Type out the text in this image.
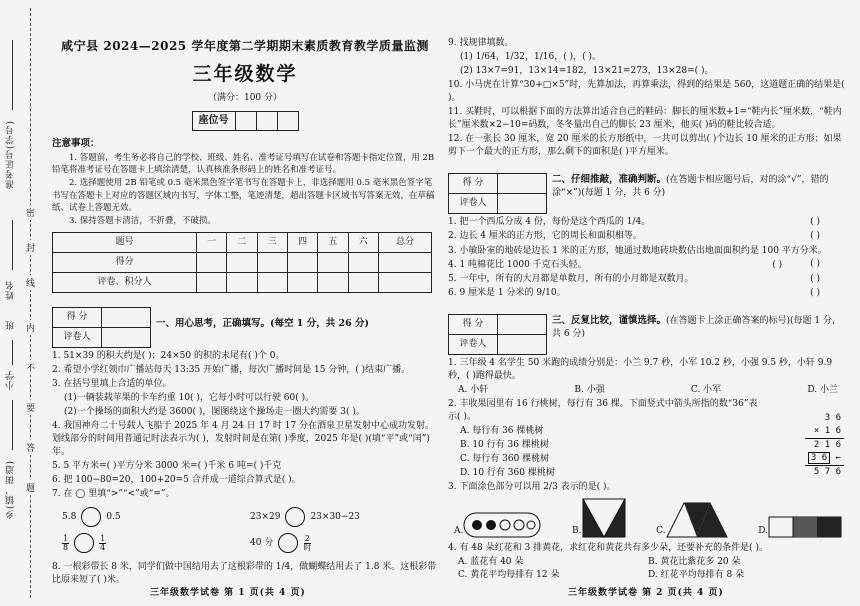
准考证号(学号)
姓名
班
小学
乡(镇、街道)
密
封
线
内
不
要
答
题
咸宁县 2024—2025 学年度第二学期期末素质教育教学质量监测
三年级数学
（满分：100 分）
座位号			
注意事项：
1. 答题前，考生务必将自己的学校、班级、姓名、准考证号填写在试卷和答题卡指定位置，用 2B 铅笔将准考证号在答题卡上填涂清楚，认真核准条形码上的姓名和准考证号。
2. 选择题使用 2B 铅笔或 0.5 毫米黑色签字笔书写在答题卡上，非选择题用 0.5 毫米黑色签字笔书写在答题卡上对应的答题区域内书写，字体工整，笔迹清楚，超出答题卡区域书写答案无效，在草稿纸、试卷上答题无效。
3. 保持答题卡清洁，不折叠，不破损。
题号	一	二	三	四	五	六	总分
得分							
评卷、积分人							
得 分	
评卷人	
一、用心思考，正确填写。(每空 1 分，共 26 分)
1. 51×39 的积大约是( )；24×50 的积的末尾有( )个 0。
2. 希望小学红领巾广播站每天 13:35 开始广播，每次广播时间是 15 分钟，( )结束广播。
3. 在括号里填上合适的单位。
(1)一辆装载苹果的卡车约重 10( )，它每小时可以行驶 60( )。
(2)一个操场的面积大约是 3600( )，图图绕这个操场走一圈大约需要 3( )。
4. 我国神舟二十号载人飞船于 2025 年 4 月 24 日 17 时 17 分在酒泉卫星发射中心成功发射。划线部分的时间用普通记时法表示为( )，发射时间是在第( )季度，2025 年是( )(填“平”或“闰”)年。
5. 5 平方米=( )平方分米 3000 米=( )千米 6 吨=( )千克
6. 把 100−80=20，100+20=5 合并成一道综合算式是( )。
7. 在 ◯ 里填“>”“<”或“=”。
5.8	0.5	23×29	23×30−23
$\frac{1}{8}$	$\frac{1}{4}$	40 分	$\frac{2}{\text{时}}$
8. 一根彩带长 8 米，同学们做中国结用去了这根彩带的 1/4，做蝴蝶结用去了 1.8 米。这根彩带比原来短了( )米。
三年级数学试卷 第 1 页(共 4 页)
9. 找规律填数。
(1) 1/64，1/32，1/16，( )，( )。
(2) 13×7=91，13×14=182，13×21=273，13×28=( )。
10. 小马虎在计算“30+□×5”时，先算加法，再算乘法，得到的结果是 560，这道题正确的结果是( )。
11. 买鞋时，可以根据下面的方法算出适合自己的鞋码：脚长的厘米数+1=“鞋内长”厘米数，“鞋内长”厘米数×2−10=码数，冬冬量出自己的脚长 23 厘米，他买( )码的鞋比较合适。
12. 在一张长 30 厘米，宽 20 厘米的长方形纸中，一共可以剪出( )个边长 10 厘米的正方形；如果剪下一个最大的正方形，那么剩下的面积是( )平方厘米。
得 分	
评卷人	
二、仔细推敲，准确判断。(在答题卡相应题号后，对的涂“√”，错的涂“×”)(每题 1 分，共 6 分)
1. 把一个西瓜分成 4 份，每份是这个西瓜的 1/4。	( )
2. 边长 4 厘米的正方形，它的周长和面积相等。	( )
3. 小敏卧室的地砖是边长 1 米的正方形，她通过数地砖块数估出地面面积约是 100 平方分米。
( )
4. 1 吨棉花比 1000 千克石头轻。	( )
5. 一年中，所有的大月都是单数月，所有的小月都是双数月。	( )
6. 9 厘米是 1 分米的 9/10。	( )
得 分	
评卷人	
三、反复比较，谨慎选择。(在答题卡上涂正确答案的标号)(每题 1 分，共 6 分)
1. 三年级 4 名学生 50 米跑的成绩分别是：小兰 9.7 秒，小军 10.2 秒，小强 9.5 秒，小轩 9.9 秒，( )跑得最快。
A. 小轩	B. 小强	C. 小军	D. 小兰
2. 丰收果园里有 16 行桃树，每行有 36 棵。下面竖式中箭头所指的数“36”表示( )。
A. 每行有 36 棵桃树
B. 10 行有 36 棵桃树
C. 每行有 360 棵桃树
D. 10 行有 360 棵桃树
3 6
× 1 6
2 1 6
3 6 ←
5 7 6
3. 下面涂色部分可以用 2/3 表示的是( )。
A.	B.	C.	D.
4. 有 48 朵红花和 3 排黄花，求红花和黄花共有多少朵，还要补充的条件是( )。
A. 蓝花有 40 朵	B. 黄花比紫花多 20 朵
C. 黄花平均每排有 12 朵	D. 红花平均每排有 8 朵
三年级数学试卷 第 2 页(共 4 页)
